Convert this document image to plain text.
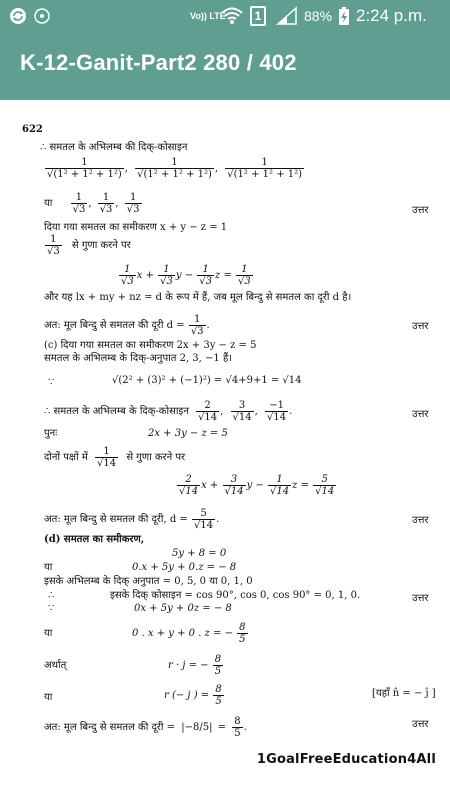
Vo)) LTE	1	88% 2:24 p.m.
K-12-Ganit-Part2 280 / 402
622
∴ समतल के अभिलम्ब की दिक्-कोसाइन
$\frac{1}{\text{√(1² + 1² + 1²)}}$ , $\frac{1}{\text{√(1² + 1² + 1²)}}$ , $\frac{1}{\text{√(1² + 1² + 1²)}}$
या $\frac{1}{√3}$ , $\frac{1}{√3}$ , $\frac{1}{√3}$	उत्तर
दिया गया समतल का समीकरण x + y − z = 1
$\frac{1}{√3}$ से गुणा करने पर
$\frac{1}{√3}$ $x + \frac{1}{√3}$ $y - \frac{1}{√3}$ $z = \frac{1}{√3}$
और यह lx + my + nz = d के रूप में हैं, जब मूल बिन्दु से समतल का दूरी d है।
अत: मूल बिन्दु से समतल की दूरी $d = \frac{1}{√3}$ .	उत्तर
(c) दिया गया समतल का समीकरण 2x + 3y − z = 5
समतल के अभिलम्ब के दिक्-अनुपात 2, 3, −1 हैं।
∵	√(2² + (3)² + (−1)²) = √4+9+1 = √14
∴ समतल के अभिलम्ब के दिक्-कोसाइन $\frac{2}{√14}$ , $\frac{3}{√14}$ , $\frac{-1}{√14}$ .	उत्तर
पुनः	2x + 3y − z = 5
दोनों पक्षों में $\frac{1}{√14}$ से गुणा करने पर
$\frac{2}{√14}$ $x + \frac{3}{√14}$ $y - \frac{1}{√14}$ $z = \frac{5}{√14}$
अत: मूल बिन्दु से समतल की दूरी, $d = \frac{5}{√14}$ .	उत्तर
(d) समतल का समीकरण,
5y + 8 = 0
या	0.x + 5y + 0.z = − 8
इसके अभिलम्ब के दिक् अनुपात = 0, 5, 0 या 0, 1, 0
∴	इसके दिक् कोसाइन = cos 90°, cos 0, cos 90° = 0, 1, 0.	उत्तर
∵	0x + 5y + 0z = − 8
या	0 . x + y + 0 . z = − $\frac{8}{5}$
अर्थात्	r · j = − $\frac{8}{5}$
या	r (− j ) = $\frac{8}{5}$	[यहाँ n̂ = − ĵ ]
अत: मूल बिन्दु से समतल की दूरी = $|-8/5| = \frac{8}{5}$ .	उत्तर
1GoalFreeEducation4All
